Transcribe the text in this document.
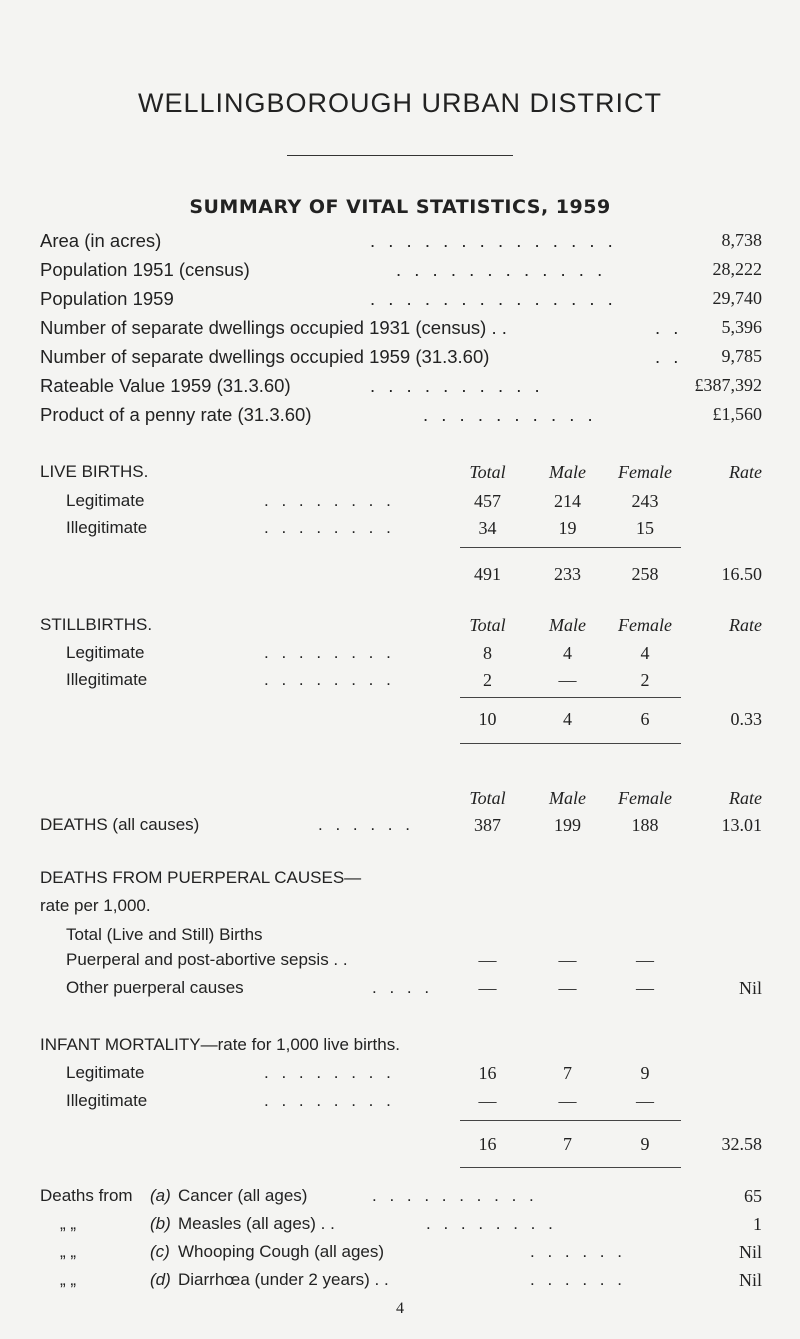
WELLINGBOROUGH URBAN DISTRICT
SUMMARY OF VITAL STATISTICS, 1959
Area (in acres)	. . . . . . . . . . . . . .	8,738
Population 1951 (census)	. . . . . . . . . . . .	28,222
Population 1959	. . . . . . . . . . . . . .	29,740
Number of separate dwellings occupied 1931 (census) . .	. .	5,396
Number of separate dwellings occupied 1959 (31.3.60)	. .	9,785
Rateable Value 1959 (31.3.60)	. . . . . . . . . .	£387,392
Product of a penny rate (31.3.60)	. . . . . . . . . .	£1,560
LIVE BIRTHS.	Total	Male	Female	Rate
Legitimate	. . . . . . . .	457	214	243
Illegitimate	. . . . . . . .	34	19	15
491	233	258	16.50
STILLBIRTHS.	Total	Male	Female	Rate
Legitimate	. . . . . . . .	8	4	4
Illegitimate	. . . . . . . .	2	—	2
10	4	6	0.33
Total	Male	Female	Rate
DEATHS (all causes)	. . . . . .	387	199	188	13.01
DEATHS FROM PUERPERAL CAUSES—
rate per 1,000.
Total (Live and Still) Births
Puerperal and post-abortive sepsis . .	—	—	—
Other puerperal causes	. . . .	—	—	—	Nil
INFANT MORTALITY—rate for 1,000 live births.
Legitimate	. . . . . . . .	16	7	9
Illegitimate	. . . . . . . .	—	—	—
16	7	9	32.58
Deaths from (a) Cancer (all ages)	. . . . . . . . . .	65
„ „	(b) Measles (all ages) . .	. . . . . . . .	1
„ „	(c) Whooping Cough (all ages)	. . . . . .	Nil
„ „	(d) Diarrhœa (under 2 years) . .	. . . . . .	Nil
4
